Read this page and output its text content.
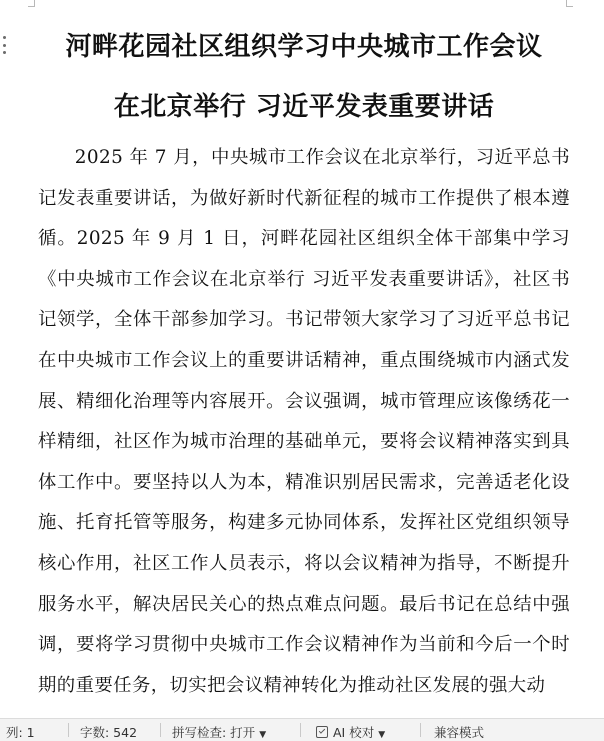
河畔花园社区组织学习中央城市工作会议
在北京举行 习近平发表重要讲话

2025 年 7 月，中央城市工作会议在北京举行，习近平总书记发表重要讲话，为做好新时代新征程的城市工作提供了根本遵循。2025 年 9 月 1 日，河畔花园社区组织全体干部集中学习《中央城市工作会议在北京举行 习近平发表重要讲话》，社区书记领学，全体干部参加学习。书记带领大家学习了习近平总书记在中央城市工作会议上的重要讲话精神，重点围绕城市内涵式发展、精细化治理等内容展开。会议强调，城市管理应该像绣花一样精细，社区作为城市治理的基础单元，要将会议精神落实到具体工作中。要坚持以人为本，精准识别居民需求，完善适老化设施、托育托管等服务，构建多元协同体系，发挥社区党组织领导核心作用，社区工作人员表示，将以会议精神为指导，不断提升服务水平，解决居民关心的热点难点问题。最后书记在总结中强调，要将学习贯彻中央城市工作会议精神作为当前和今后一个时期的重要任务，切实把会议精神转化为推动社区发展的强大动

列: 1	字数: 542	拼写检查: 打开 ▼	AI 校对 ▼	兼容模式
